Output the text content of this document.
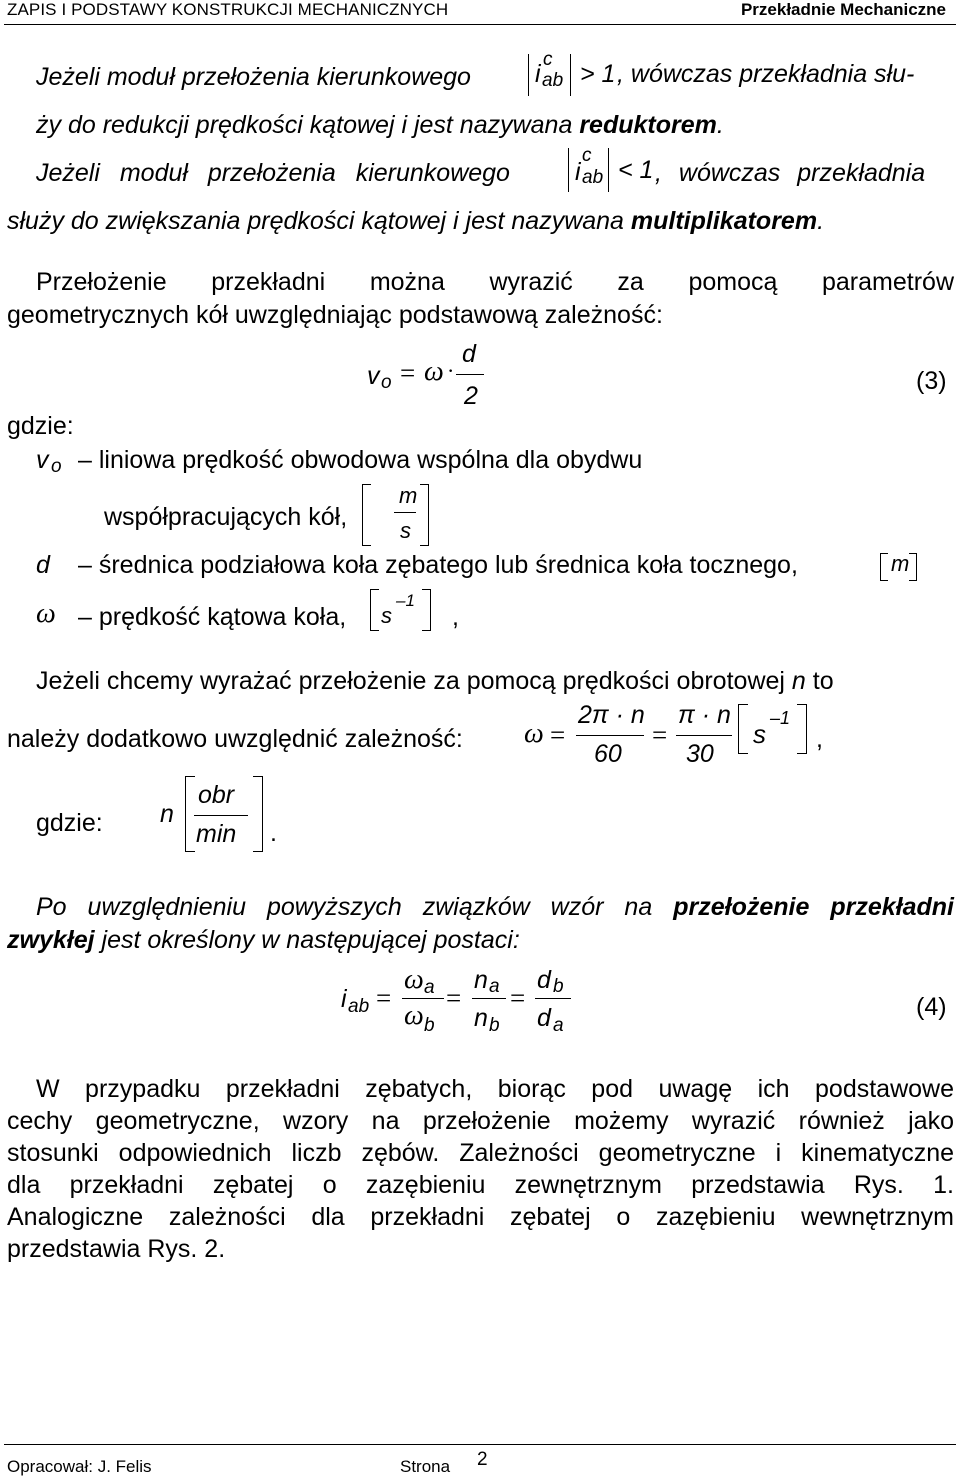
ZAPIS I PODSTAWY KONSTRUKCJI MECHANICZNYCH	Przekładnie Mechaniczne
Jeżeli moduł przełożenia kierunkowego	i
c
ab > 1 , wówczas przekładnia słu-
ży do redukcji prędkości kątowej i jest nazywana reduktorem.
Jeżeli moduł przełożenia kierunkowego	i
c
ab < 1 , wówczas przekładnia
służy do zwiększania prędkości kątowej i jest nazywana multiplikatorem.
Przełożenie przekładni można wyrazić za pomocą parametrów
geometrycznych kół uwzględniając podstawową zależność:
v o = ω ·
d
2
(3)
gdzie:
v o – liniowa prędkość obwodowa wspólna dla obydwu
współpracujących kół,
m
s
d – średnica podziałowa koła zębatego lub średnica koła tocznego,	m
ω – prędkość kątowa koła, s
–1
,
Jeżeli chcemy wyrażać przełożenie za pomocą prędkości obrotowej n to
należy dodatkowo uwzględnić zależność: ω =
2π · n
60
=
π · n
30
s
–1
,
gdzie: n
obr
min .
Po uwzględnieniu powyższych związków wzór na przełożenie przekładni
zwykłej jest określony w następującej postaci:
i ab =
ω a
ω b
=
n a
n b
=
d b
d a
(4)
W przypadku przekładni zębatych, biorąc pod uwagę ich podstawowe
cechy geometryczne, wzory na przełożenie możemy wyrazić również jako
stosunki odpowiednich liczb zębów. Zależności geometryczne i kinematyczne
dla przekładni zębatej o zazębieniu zewnętrznym przedstawia Rys. 1.
Analogiczne zależności dla przekładni zębatej o zazębieniu wewnętrznym
przedstawia Rys. 2.
Opracował: J. Felis	Strona 2
